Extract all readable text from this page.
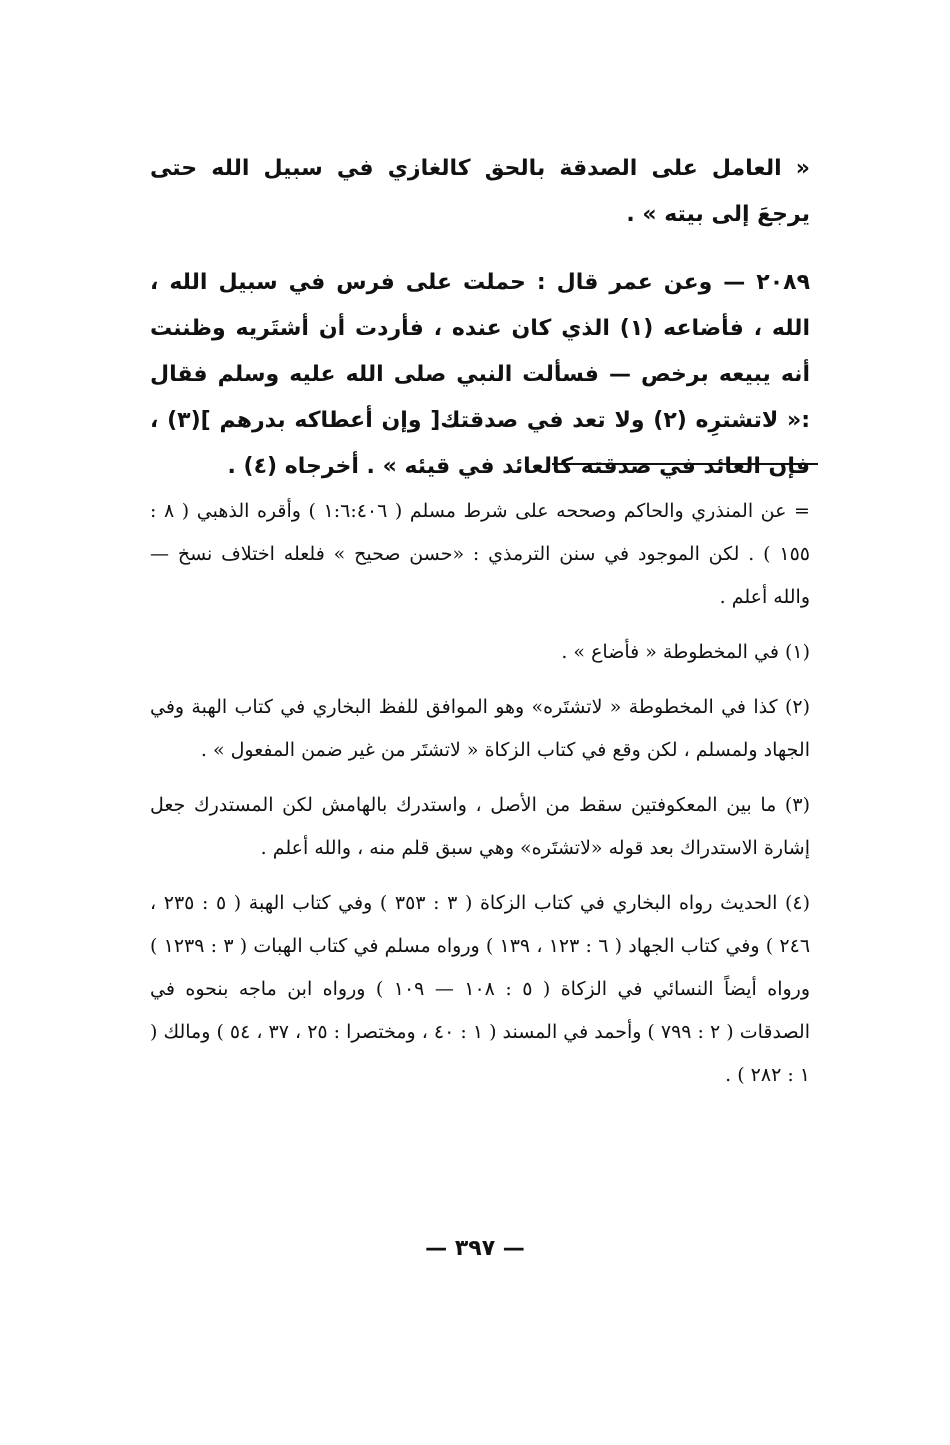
« العامل على الصدقة بالحق كالغازي في سبيل الله حتى يرجعَ إلى بيته » .

٢٠٨٩ — وعن عمر قال : حملت على فرس في سبيل الله ، الله ، فأضاعه (١) الذي كان عنده ، فأردت أن أشتَريه وظننت أنه يبيعه برخص — فسألت النبي صلى الله عليه وسلم فقال :« لاتشترِه (٢) ولا تعد في صدقتك[ وإن أعطاكه بدرهم ](٣) ، فإن العائد في صدقته كالعائد في قيئه » . أخرجاه (٤) .

= عن المنذري والحاكم وصححه على شرط مسلم ( ١:٦:٤٠٦ ) وأقره الذهبي ( ٨ : ١٥٥ ) . لكن الموجود في سنن الترمذي : «حسن صحيح » فلعله اختلاف نسخ — والله أعلم .

(١) في المخطوطة « فأضاع » .

(٢) كذا في المخطوطة « لاتشتَره» وهو الموافق للفظ البخاري في كتاب الهبة وفي الجهاد ولمسلم ، لكن وقع في كتاب الزكاة « لاتشتَر من غير ضمن المفعول » .

(٣) ما بين المعكوفتين سقط من الأصل ، واستدرك بالهامش لكن المستدرك جعل إشارة الاستدراك بعد قوله «لاتشتَره» وهي سبق قلم منه ، والله أعلم .

(٤) الحديث رواه البخاري في كتاب الزكاة ( ٣ : ٣٥٣ ) وفي كتاب الهبة ( ٥ : ٢٣٥ ، ٢٤٦ ) وفي كتاب الجهاد ( ٦ : ١٢٣ ، ١٣٩ ) ورواه مسلم في كتاب الهبات ( ٣ : ١٢٣٩ ) ورواه أيضاً النسائي في الزكاة ( ٥ : ١٠٨ — ١٠٩ ) ورواه ابن ماجه بنحوه في الصدقات ( ٢ : ٧٩٩ ) وأحمد في المسند ( ١ : ٤٠ ، ومختصرا : ٢٥ ، ٣٧ ، ٥٤ ) ومالك ( ١ : ٢٨٢ ) .

— ٣٩٧ —
